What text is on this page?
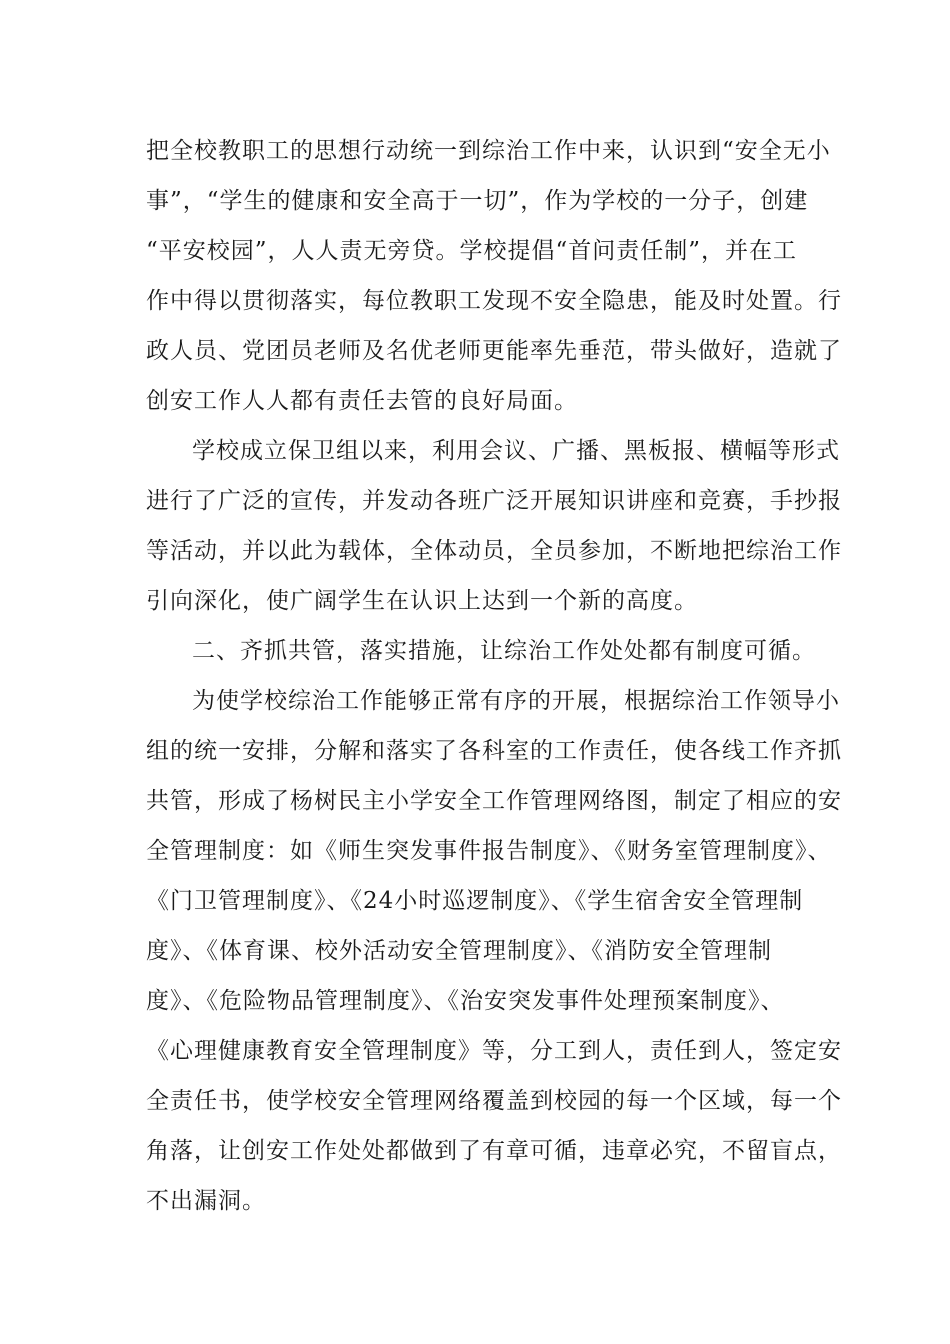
把全校教职工的思想行动统一到综治工作中来，认识到“安全无小
事”，“学生的健康和安全高于一切”，作为学校的一分子，创建
“平安校园”，人人责无旁贷。学校提倡“首问责任制”，并在工
作中得以贯彻落实，每位教职工发现不安全隐患，能及时处置。行
政人员、党团员老师及名优老师更能率先垂范，带头做好，造就了
创安工作人人都有责任去管的良好局面。
学校成立保卫组以来，利用会议、广播、黑板报、横幅等形式
进行了广泛的宣传，并发动各班广泛开展知识讲座和竞赛，手抄报
等活动，并以此为载体，全体动员，全员参加，不断地把综治工作
引向深化，使广阔学生在认识上达到一个新的高度。
二、齐抓共管，落实措施，让综治工作处处都有制度可循。
为使学校综治工作能够正常有序的开展，根据综治工作领导小
组的统一安排，分解和落实了各科室的工作责任，使各线工作齐抓
共管，形成了杨树民主小学安全工作管理网络图，制定了相应的安
全管理制度：如《师生突发事件报告制度》、《财务室管理制度》、
《门卫管理制度》、《24小时巡逻制度》、《学生宿舍安全管理制
度》、《体育课、校外活动安全管理制度》、《消防安全管理制
度》、《危险物品管理制度》、《治安突发事件处理预案制度》、
《心理健康教育安全管理制度》等，分工到人，责任到人，签定安
全责任书，使学校安全管理网络覆盖到校园的每一个区域，每一个
角落，让创安工作处处都做到了有章可循，违章必究，不留盲点，
不出漏洞。
